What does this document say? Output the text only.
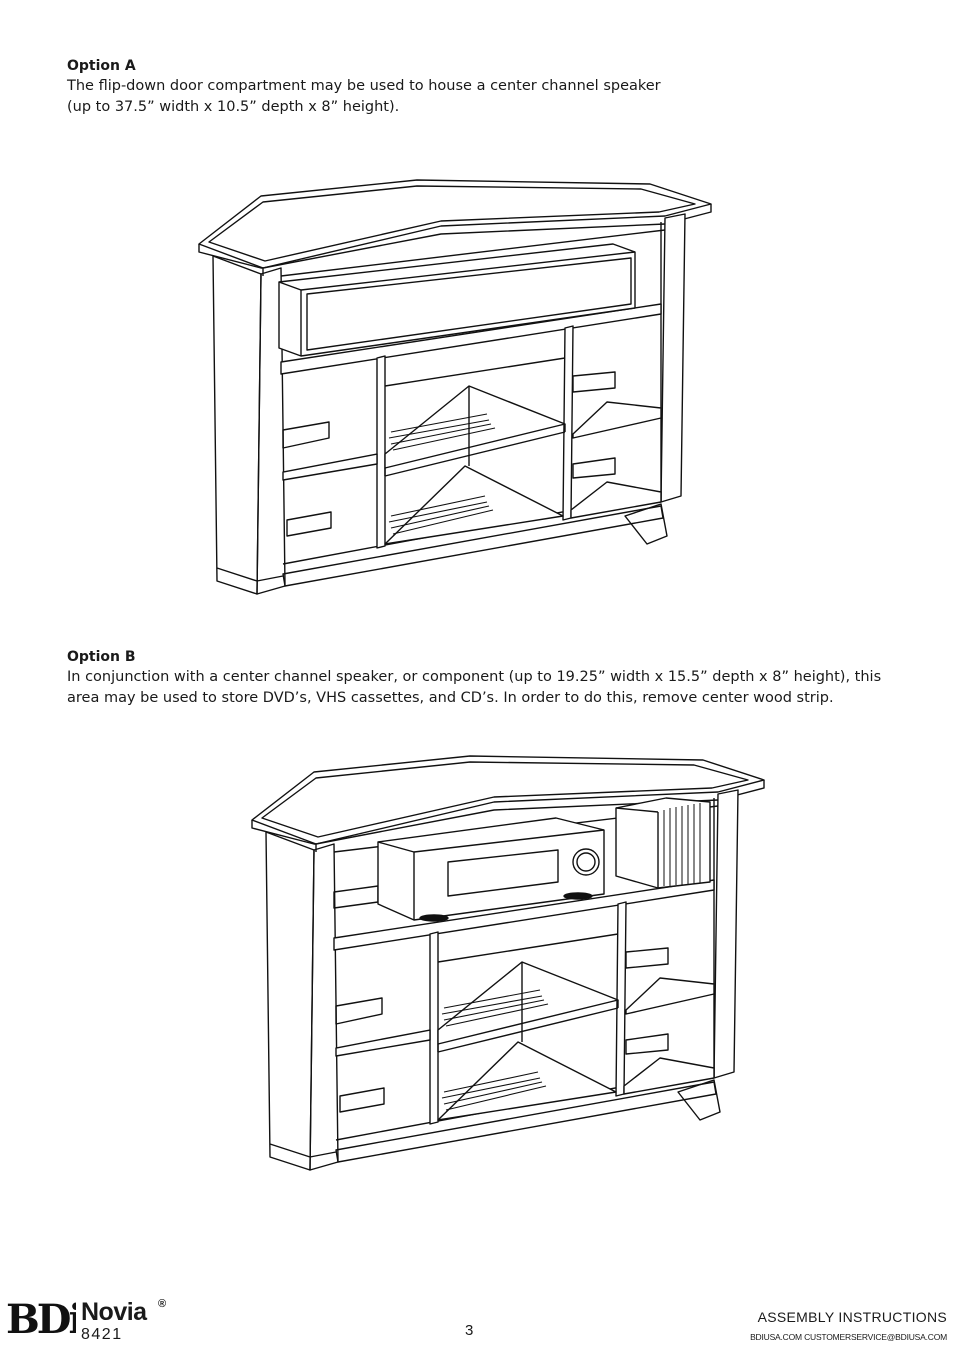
Option A
The flip-down door compartment may be used to house a center channel speaker
(up to 37.5” width x 10.5” depth x 8” height).
Option B
In conjunction with a center channel speaker, or component (up to 19.25” width x 15.5” depth x 8” height), this
area may be used to store DVD’s, VHS cassettes, and CD’s. In order to do this, remove center wood strip.
BDi Novia ®
8421	3
ASSEMBLY INSTRUCTIONS
BDIUSA.COM CUSTOMERSERVICE@BDIUSA.COM
